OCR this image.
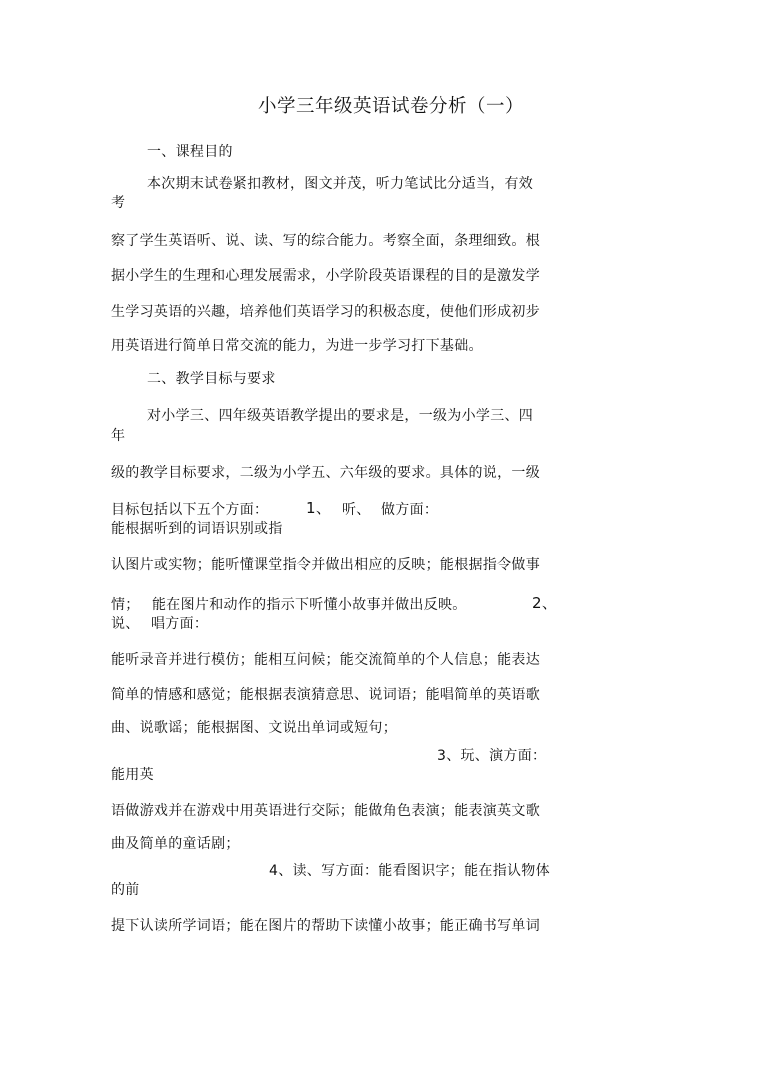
小学三年级英语试卷分析（一）
一、课程目的
本次期末试卷紧扣教材，图文并茂，听力笔试比分适当，有效
考
察了学生英语听、说、读、写的综合能力。考察全面，条理细致。根
据小学生的生理和心理发展需求，小学阶段英语课程的目的是激发学
生学习英语的兴趣，培养他们英语学习的积极态度，使他们形成初步
用英语进行简单日常交流的能力，为进一步学习打下基础。
二、教学目标与要求
对小学三、四年级英语教学提出的要求是，一级为小学三、四
年
级的教学目标要求，二级为小学五、六年级的要求。具体的说，一级
目标包括以下五个方面：	1、 听、 做方面：
能根据听到的词语识别或指
认图片或实物；能听懂课堂指令并做出相应的反映；能根据指令做事
情； 能在图片和动作的指示下听懂小故事并做出反映。	2、
说、 唱方面：
能听录音并进行模仿；能相互问候；能交流简单的个人信息；能表达
简单的情感和感觉；能根据表演猜意思、说词语；能唱简单的英语歌
曲、说歌谣；能根据图、文说出单词或短句；
3、玩、演方面：
能用英
语做游戏并在游戏中用英语进行交际；能做角色表演；能表演英文歌
曲及简单的童话剧；
4、读、写方面：能看图识字；能在指认物体
的前
提下认读所学词语；能在图片的帮助下读懂小故事；能正确书写单词
